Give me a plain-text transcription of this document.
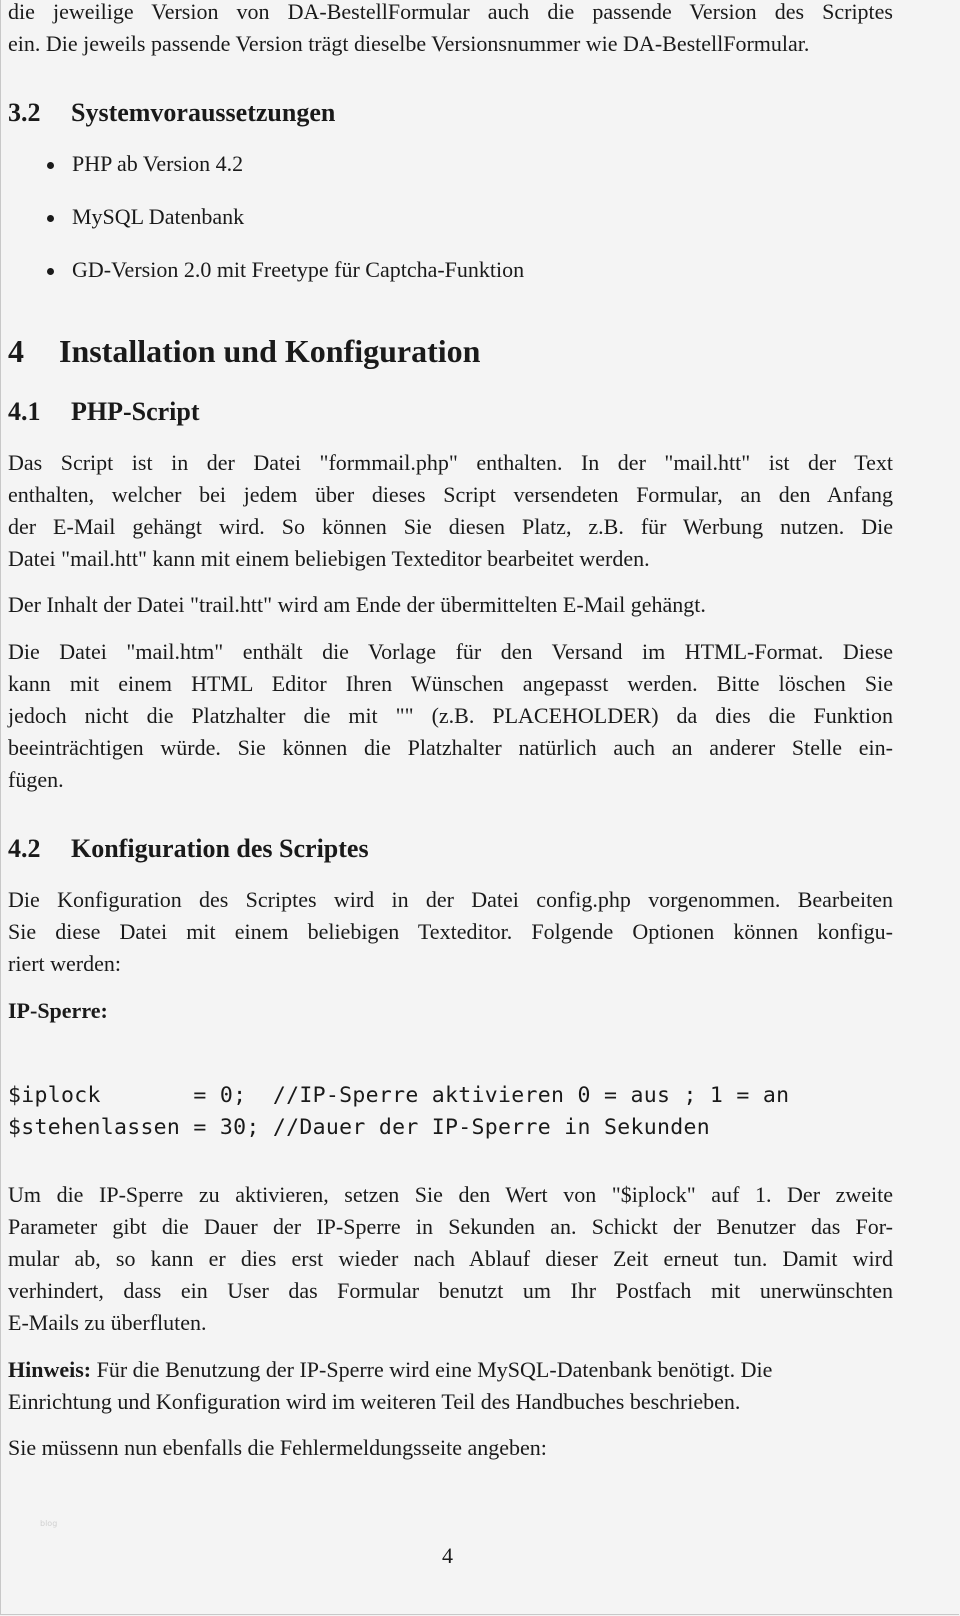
die jeweilige Version von DA-BestellFormular auch die passende Version des Scriptes
ein. Die jeweils passende Version trägt dieselbe Versionsnummer wie DA-BestellFormular.
3.2 Systemvoraussetzungen
PHP ab Version 4.2
MySQL Datenbank
GD-Version 2.0 mit Freetype für Captcha-Funktion
4 Installation und Konfiguration
4.1 PHP-Script
Das Script ist in der Datei "formmail.php" enthalten. In der "mail.htt" ist der Text
enthalten, welcher bei jedem über dieses Script versendeten Formular, an den Anfang
der E-Mail gehängt wird. So können Sie diesen Platz, z.B. für Werbung nutzen. Die
Datei "mail.htt" kann mit einem beliebigen Texteditor bearbeitet werden.
Der Inhalt der Datei "trail.htt" wird am Ende der übermittelten E-Mail gehängt.
Die Datei "mail.htm" enthält die Vorlage für den Versand im HTML-Format. Diese
kann mit einem HTML Editor Ihren Wünschen angepasst werden. Bitte löschen Sie
jedoch nicht die Platzhalter die mit "" (z.B. PLACEHOLDER) da dies die Funktion
beeinträchtigen würde. Sie können die Platzhalter natürlich auch an anderer Stelle ein-
fügen.
4.2 Konfiguration des Scriptes
Die Konfiguration des Scriptes wird in der Datei config.php vorgenommen. Bearbeiten
Sie diese Datei mit einem beliebigen Texteditor. Folgende Optionen können konfigu-
riert werden:
IP-Sperre:
$iplock       = 0;  //IP-Sperre aktivieren 0 = aus ; 1 = an
$stehenlassen = 30; //Dauer der IP-Sperre in Sekunden
Um die IP-Sperre zu aktivieren, setzen Sie den Wert von "$iplock" auf 1. Der zweite
Parameter gibt die Dauer der IP-Sperre in Sekunden an. Schickt der Benutzer das For-
mular ab, so kann er dies erst wieder nach Ablauf dieser Zeit erneut tun. Damit wird
verhindert, dass ein User das Formular benutzt um Ihr Postfach mit unerwünschten
E-Mails zu überfluten.
Hinweis: Für die Benutzung der IP-Sperre wird eine MySQL-Datenbank benötigt. Die
Einrichtung und Konfiguration wird im weiteren Teil des Handbuches beschrieben.
Sie müssenn nun ebenfalls die Fehlermeldungsseite angeben:
blog
4
